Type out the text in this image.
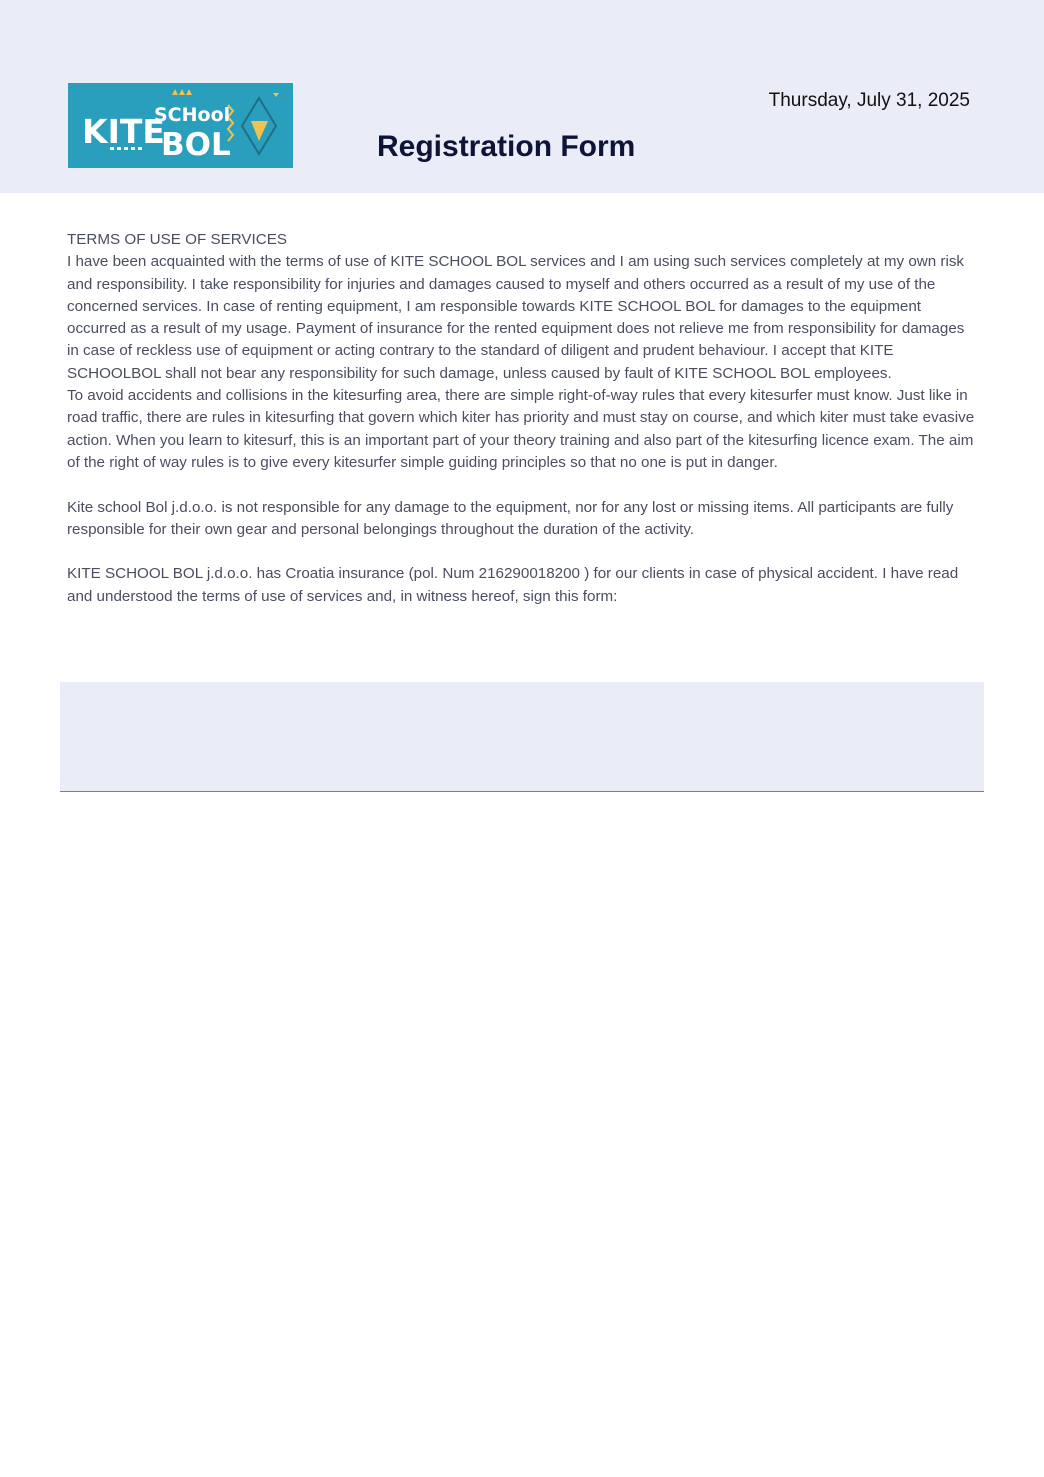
KITE
SCHool
BOL
Thursday, July 31, 2025
Registration Form

TERMS OF USE OF SERVICES

I have been acquainted with the terms of use of KITE SCHOOL BOL services and I am using such services completely at my own risk and responsibility. I take responsibility for injuries and damages caused to myself and others occurred as a result of my use of the concerned services. In case of renting equipment, I am responsible towards KITE SCHOOL BOL for damages to the equipment occurred as a result of my usage. Payment of insurance for the rented equipment does not relieve me from responsibility for damages in case of reckless use of equipment or acting contrary to the standard of diligent and prudent behaviour. I accept that KITE SCHOOLBOL shall not bear any responsibility for such damage, unless caused by fault of KITE SCHOOL BOL employees.

To avoid accidents and collisions in the kitesurfing area, there are simple right-of-way rules that every kitesurfer must know. Just like in road traffic, there are rules in kitesurfing that govern which kiter has priority and must stay on course, and which kiter must take evasive action. When you learn to kitesurf, this is an important part of your theory training and also part of the kitesurfing licence exam. The aim of the right of way rules is to give every kitesurfer simple guiding principles so that no one is put in danger.

Kite school Bol j.d.o.o. is not responsible for any damage to the equipment, nor for any lost or missing items. All participants are fully responsible for their own gear and personal belongings throughout the duration of the activity.

KITE SCHOOL BOL j.d.o.o. has Croatia insurance (pol. Num 216290018200 ) for our clients in case of physical accident. I have read and understood the terms of use of services and, in witness hereof, sign this form:
